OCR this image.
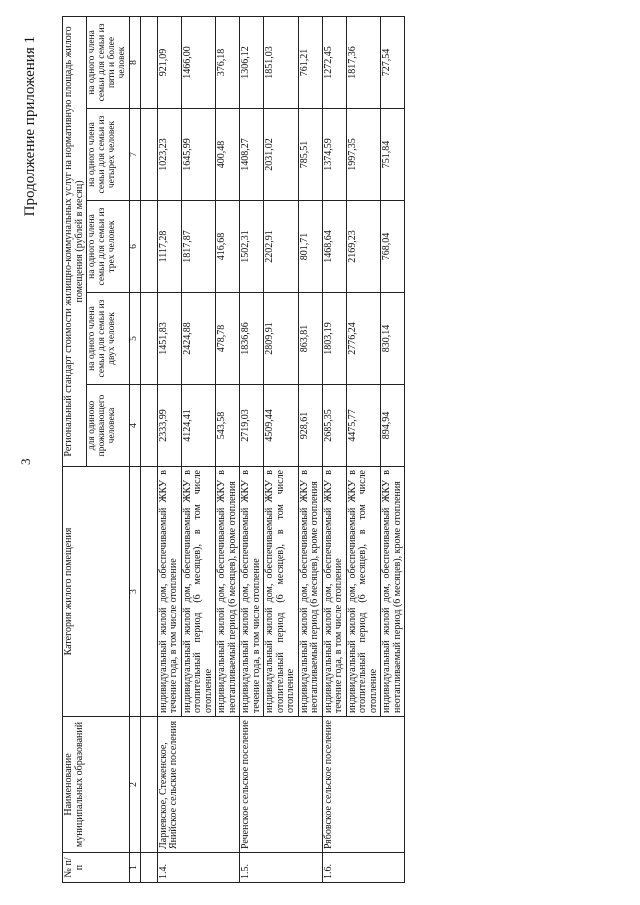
3
Продолжение приложения 1
№ п/п	Наименование муниципальных образований	Категория жилого помещения	Региональный стандарт стоимости жилищно-коммунальных услуг на нормативную площадь жилого помещения (рублей в месяц)				
			для одиноко проживающего человека	на одного члена семьи для семьи из двух человек	на одного члена семьи для семьи из трех человек	на одного члена семьи для семьи из четырех человек	на одного члена семьи для семьи из пяти и более человек
1	2	3	4	5	6	7	8

1.4.	Лариевское, Стеженское, Янийское сельские поселения	индивидуальный жилой дом, обеспечиваемый ЖКУ в течение года, в том числе отопление	2333,99	1451,83	1117,28	1023,23	921,09
		индивидуальный жилой дом, обеспечиваемый ЖКУ в отопительный период (6 месяцев), в том числе отопление	4124,41	2424,88	1817,87	1645,99	1466,00
		индивидуальный жилой дом, обеспечиваемый ЖКУ в неотапливаемый период (6 месяцев), кроме отопления	543,58	478,78	416,68	400,48	376,18
1.5.	Реченское сельское поселение	индивидуальный жилой дом, обеспечиваемый ЖКУ в течение года, в том числе отопление	2719,03	1836,86	1502,31	1408,27	1306,12
		индивидуальный жилой дом, обеспечиваемый ЖКУ в отопительный период (6 месяцев), в том числе отопление	4509,44	2809,91	2202,91	2031,02	1851,03
		индивидуальный жилой дом, обеспечиваемый ЖКУ в неотапливаемый период (6 месяцев), кроме отопления	928,61	863,81	801,71	785,51	761,21
1.6.	Рябовское сельское поселение	индивидуальный жилой дом, обеспечиваемый ЖКУ в течение года, в том числе отопление	2685,35	1803,19	1468,64	1374,59	1272,45
		индивидуальный жилой дом, обеспечиваемый ЖКУ в отопительный период (6 месяцев), в том числе отопление	4475,77	2776,24	2169,23	1997,35	1817,36
		индивидуальный жилой дом, обеспечиваемый ЖКУ в неотапливаемый период (6 месяцев), кроме отопления	894,94	830,14	768,04	751,84	727,54
